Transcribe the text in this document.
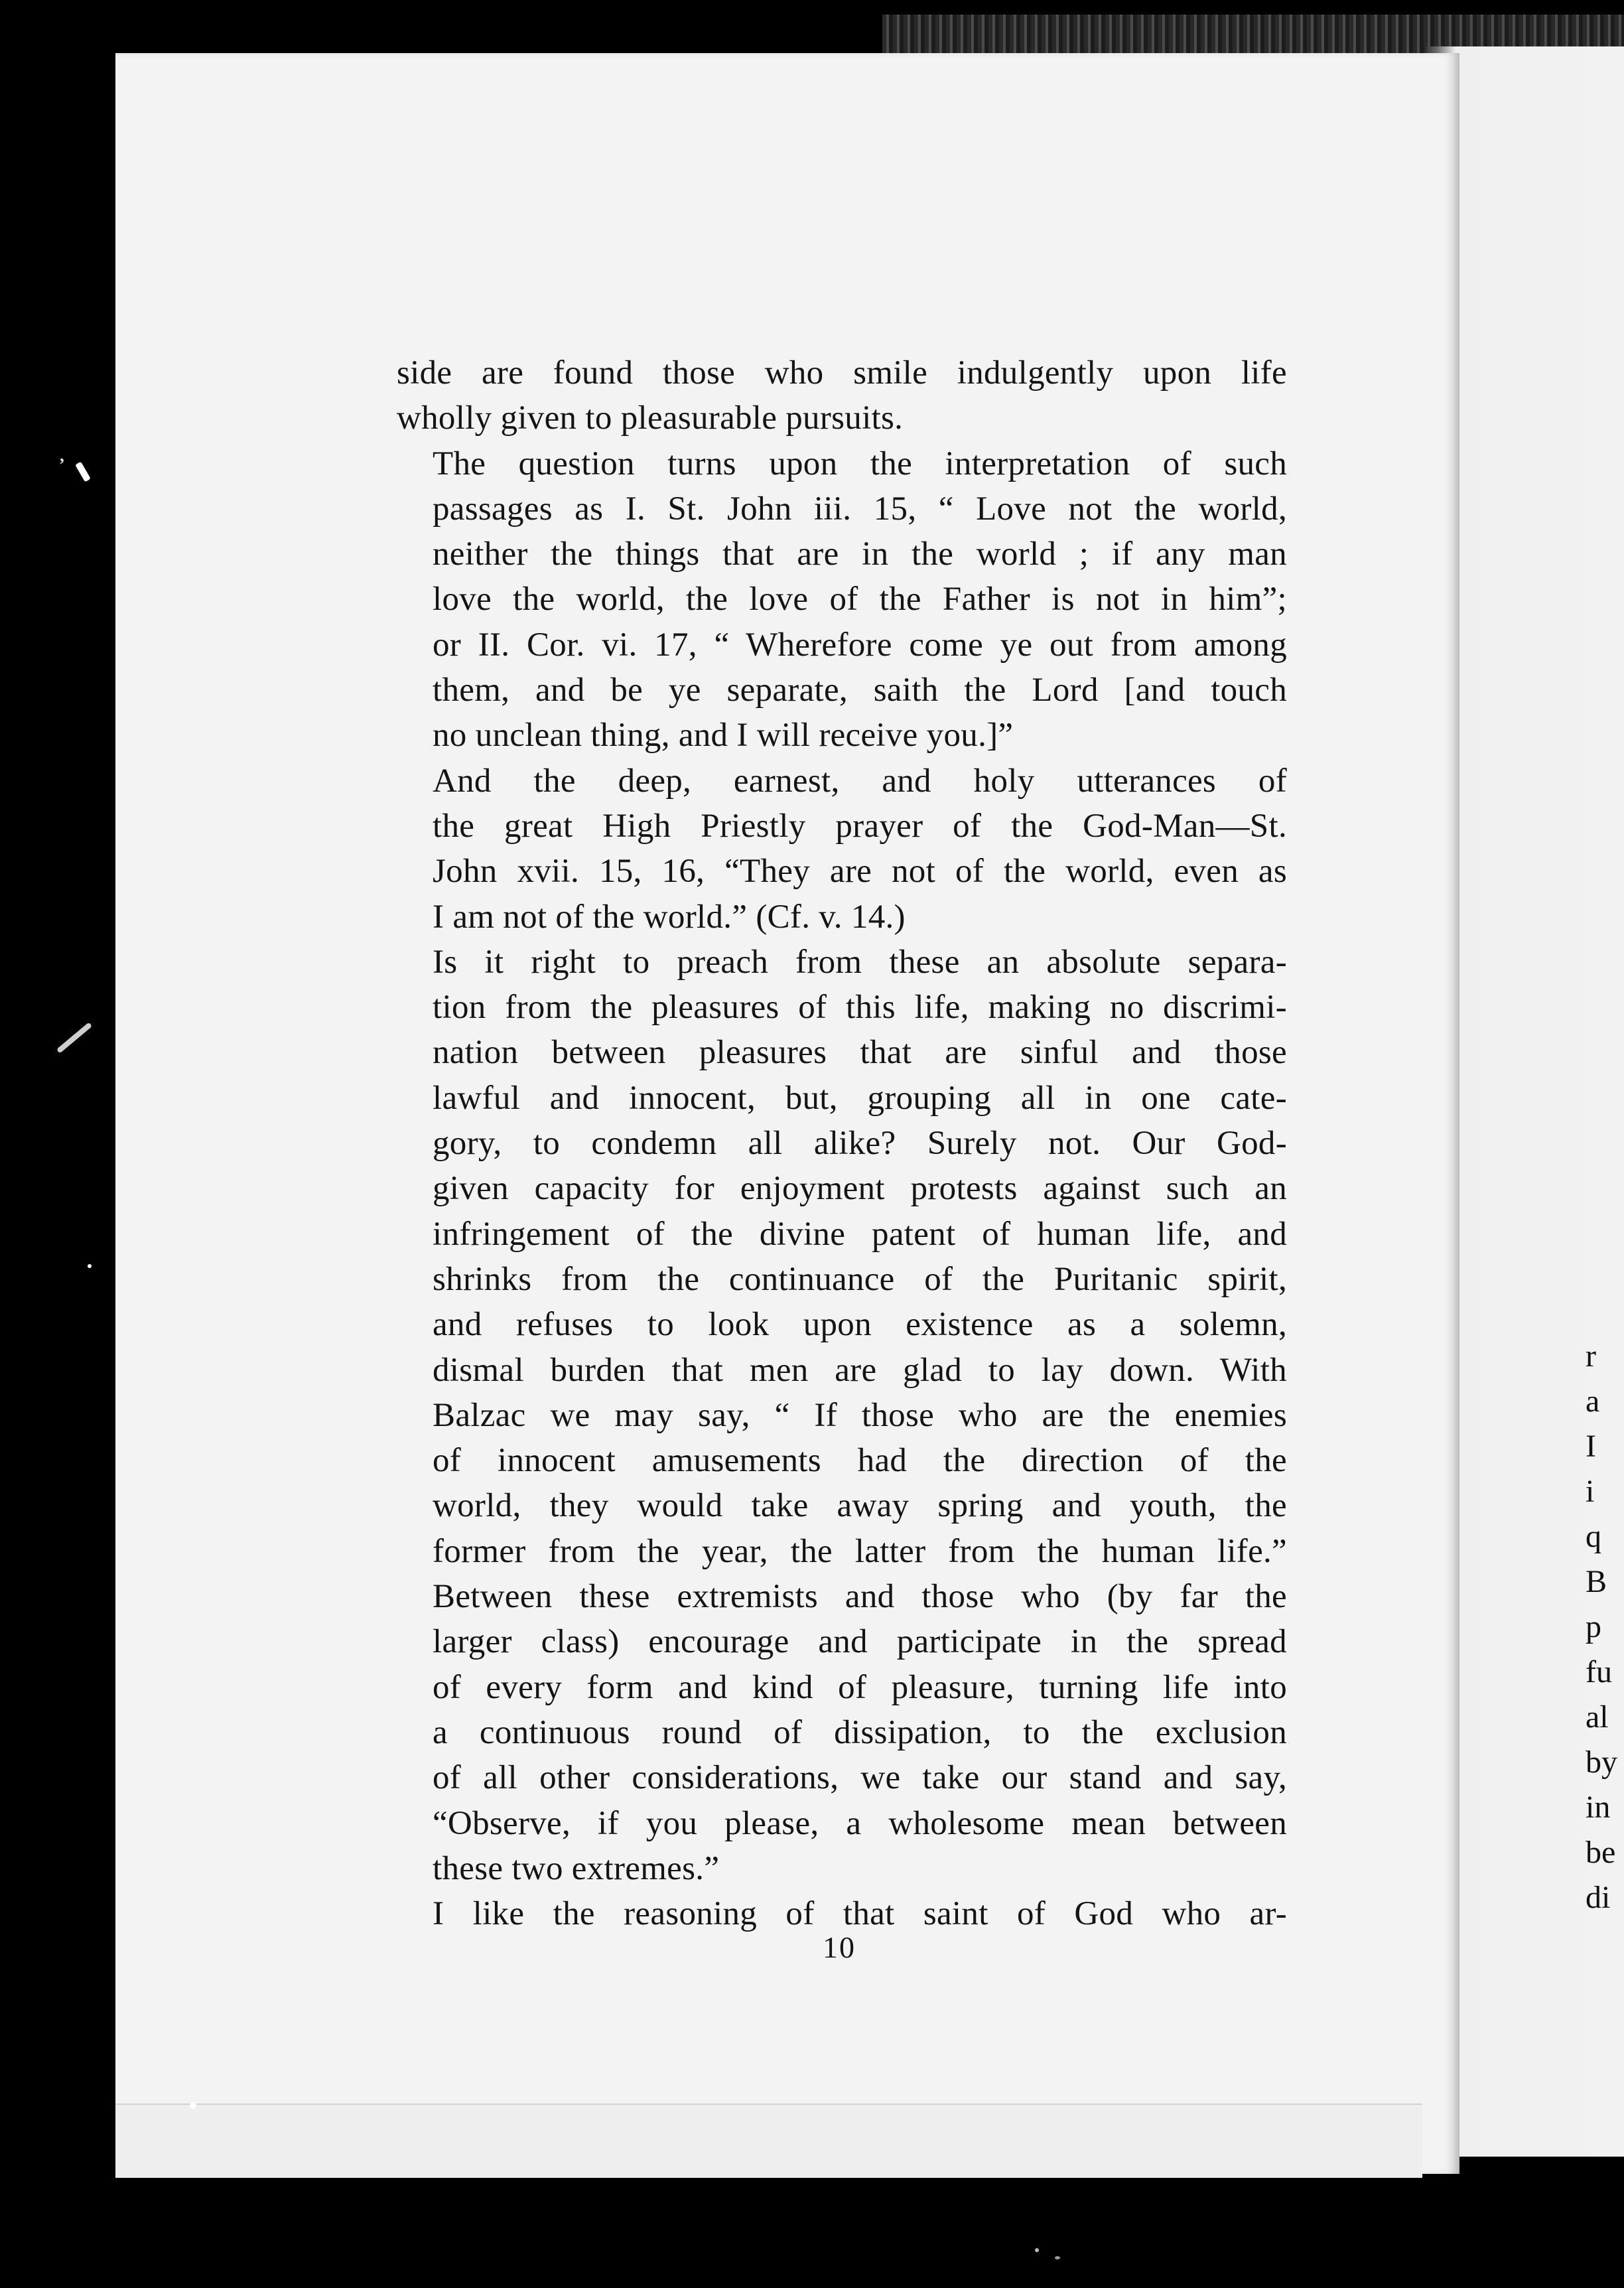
r
a
I
i
q
B
p
fu
al
by
in
be
di

side are found those who smile indulgently upon life
wholly given to pleasurable pursuits.

The question turns upon the interpretation of such
passages as I. St. John iii. 15, “ Love not the world,
neither the things that are in the world ; if any man
love the world, the love of the Father is not in him”;
or II. Cor. vi. 17, “ Wherefore come ye out from among
them, and be ye separate, saith the Lord [and touch
no unclean thing, and I will receive you.]”

And the deep, earnest, and holy utterances of
the great High Priestly prayer of the God-Man—St.
John xvii. 15, 16, “They are not of the world, even as
I am not of the world.” (Cf. v. 14.)

Is it right to preach from these an absolute separa-
tion from the pleasures of this life, making no discrimi-
nation between pleasures that are sinful and those
lawful and innocent, but, grouping all in one cate-
gory, to condemn all alike? Surely not. Our God-
given capacity for enjoyment protests against such an
infringement of the divine patent of human life, and
shrinks from the continuance of the Puritanic spirit,
and refuses to look upon existence as a solemn,
dismal burden that men are glad to lay down. With
Balzac we may say, “ If those who are the enemies
of innocent amusements had the direction of the
world, they would take away spring and youth, the
former from the year, the latter from the human life.”
Between these extremists and those who (by far the
larger class) encourage and participate in the spread
of every form and kind of pleasure, turning life into
a continuous round of dissipation, to the exclusion
of all other considerations, we take our stand and say,
“Observe, if you please, a wholesome mean between
these two extremes.”

I like the reasoning of that saint of God who ar-

10
᾿
